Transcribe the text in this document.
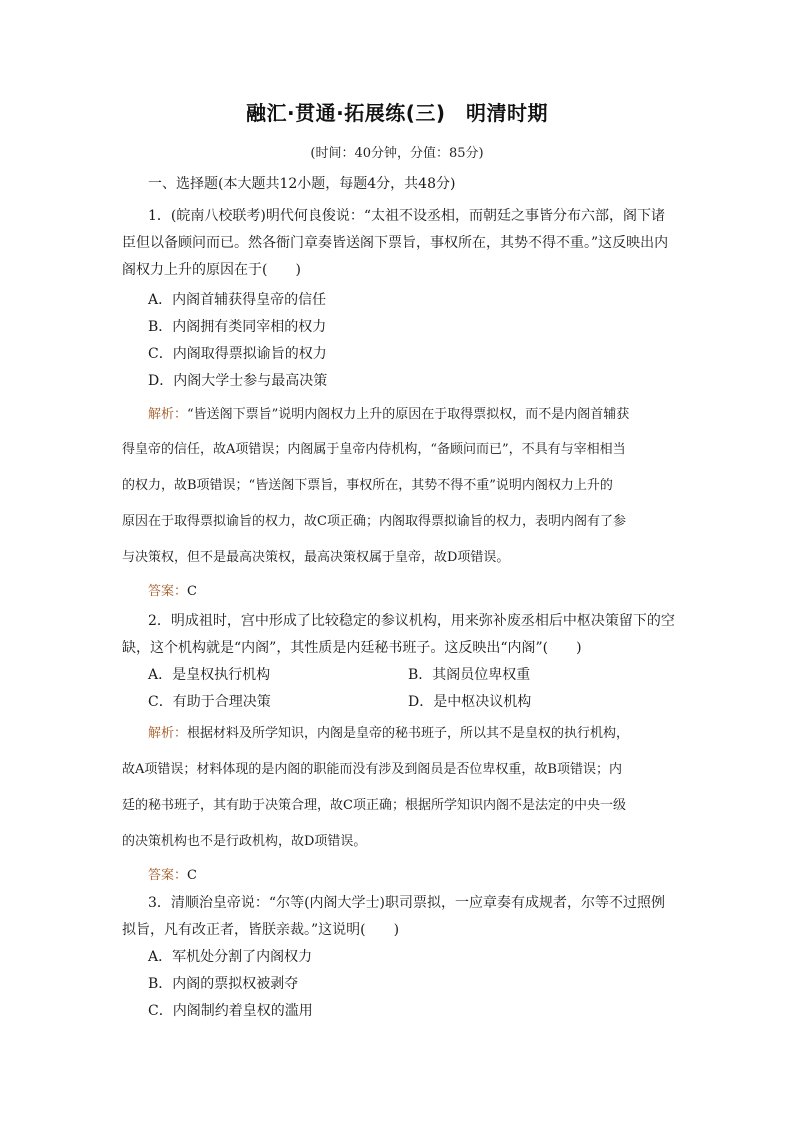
融汇·贯通·拓展练(三)　明清时期
(时间：40分钟，分值：85分)
一、选择题(本大题共12小题，每题4分，共48分)
1．(皖南八校联考)明代何良俊说：“太祖不设丞相，而朝廷之事皆分布六部，阁下诸
臣但以备顾问而已。然各衙门章奏皆送阁下票旨，事权所在，其势不得不重。”这反映出内
阁权力上升的原因在于(　　)
A．内阁首辅获得皇帝的信任
B．内阁拥有类同宰相的权力
C．内阁取得票拟谕旨的权力
D．内阁大学士参与最高决策
解析：“皆送阁下票旨”说明内阁权力上升的原因在于取得票拟权，而不是内阁首辅获
得皇帝的信任，故A项错误；内阁属于皇帝内侍机构，“备顾问而已”，不具有与宰相相当
的权力，故B项错误；“皆送阁下票旨，事权所在，其势不得不重”说明内阁权力上升的
原因在于取得票拟谕旨的权力，故C项正确；内阁取得票拟谕旨的权力，表明内阁有了参
与决策权，但不是最高决策权，最高决策权属于皇帝，故D项错误。
答案：C
2．明成祖时，宫中形成了比较稳定的参议机构，用来弥补废丞相后中枢决策留下的空
缺，这个机构就是“内阁”，其性质是内廷秘书班子。这反映出“内阁”(　　)
A．是皇权执行机构	B．其阁员位卑权重
C．有助于合理决策	D．是中枢决议机构
解析：根据材料及所学知识，内阁是皇帝的秘书班子，所以其不是皇权的执行机构，
故A项错误；材料体现的是内阁的职能而没有涉及到阁员是否位卑权重，故B项错误；内
廷的秘书班子，其有助于决策合理，故C项正确；根据所学知识内阁不是法定的中央一级
的决策机构也不是行政机构，故D项错误。
答案：C
3．清顺治皇帝说：“尔等(内阁大学士)职司票拟，一应章奏有成规者，尔等不过照例
拟旨，凡有改正者，皆朕亲裁。”这说明(　　)
A．军机处分割了内阁权力
B．内阁的票拟权被剥夺
C．内阁制约着皇权的滥用
